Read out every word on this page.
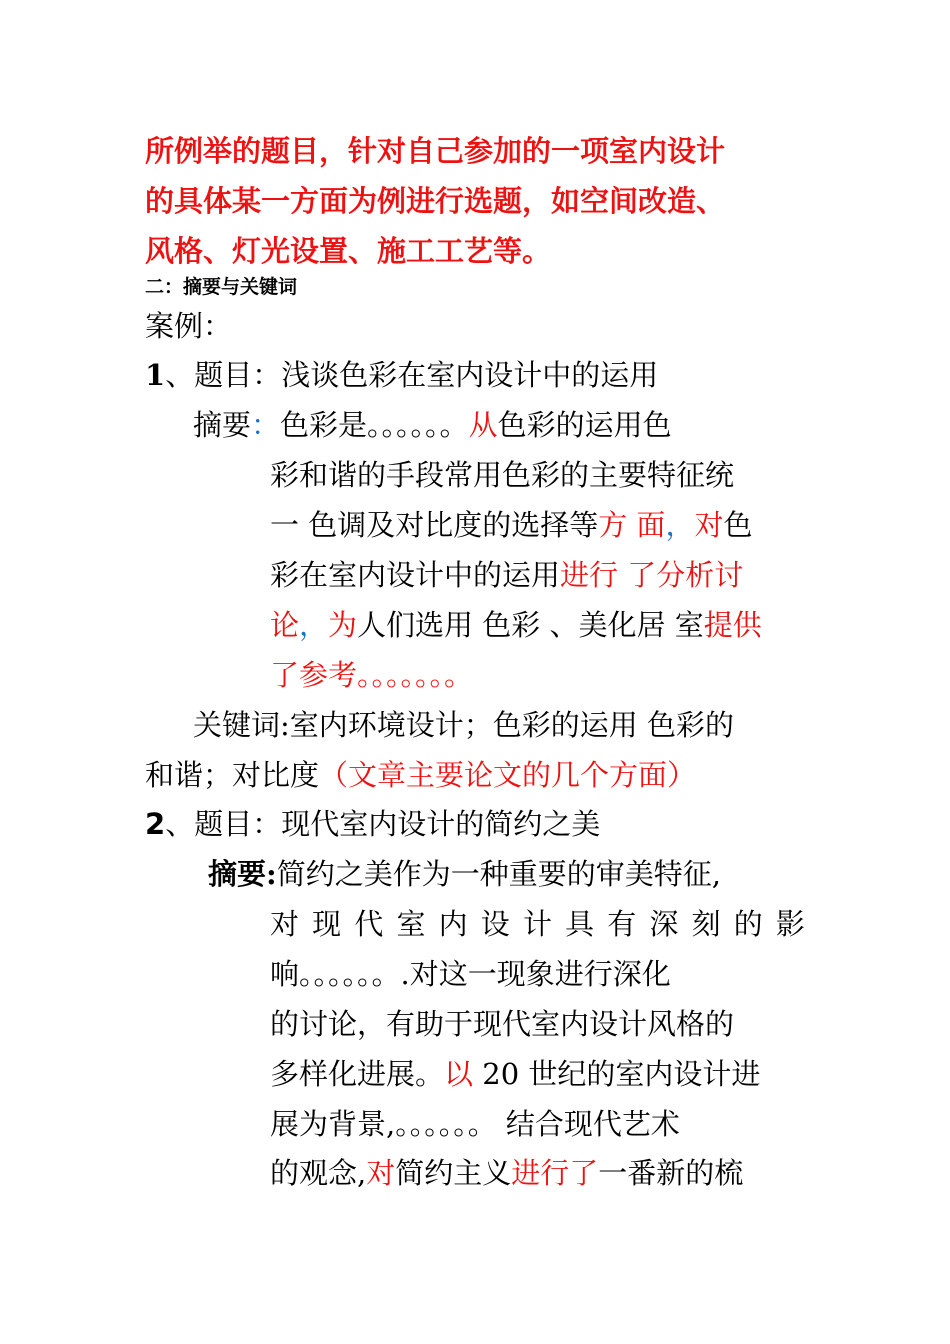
所例举的题目，针对自己参加的一项室内设计
的具体某一方面为例进行选题，如空间改造、
风格、灯光设置、施工工艺等。
二：摘要与关键词
案例：
1、题目：浅谈色彩在室内设计中的运用
摘要：色彩是。。。。。。从色彩的运用色
彩和谐的手段常用色彩的主要特征统
一 色调及对比度的选择等方 面，对色
彩在室内设计中的运用进行 了分析讨
论，为人们选用 色彩 、美化居 室提供
了参考。。。。。。。
关键词:室内环境设计；色彩的运用 色彩的
和谐；对比度（文章主要论文的几个方面）
2、题目：现代室内设计的简约之美
摘要:简约之美作为一种重要的审美特征,
对 现 代 室 内 设 计 具 有 深 刻 的 影
响。。。。。。.对这一现象进行深化
的讨论，有助于现代室内设计风格的
多样化进展。以 20 世纪的室内设计进
展为背景,。。。。。。 结合现代艺术
的观念,对简约主义进行了一番新的梳
